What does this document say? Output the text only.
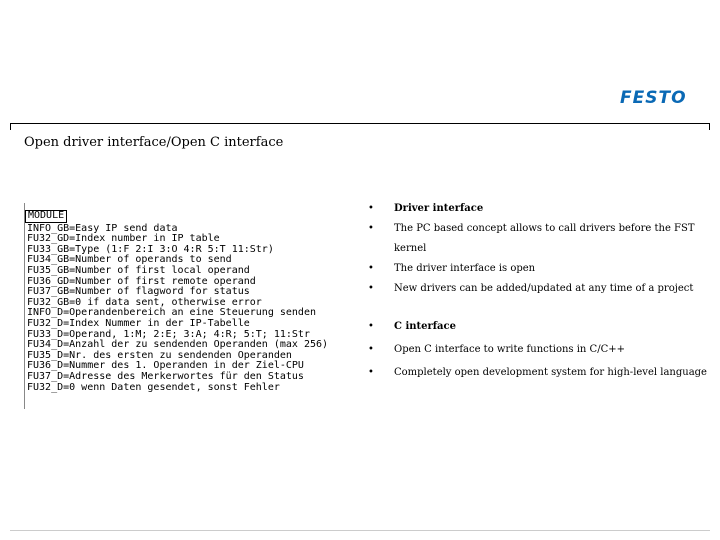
FESTO
Open driver interface/Open C interface
MODULE
INFO_GB=Easy IP send data
FU32_GD=Index number in IP table
FU33_GB=Type (1:F 2:I 3:O 4:R 5:T 11:Str)
FU34_GB=Number of operands to send
FU35_GB=Number of first local operand
FU36_GD=Number of first remote operand
FU37_GB=Number of flagword for status
FU32_GB=0 if data sent, otherwise error
INFO_D=Operandenbereich an eine Steuerung senden
FU32_D=Index Nummer in der IP-Tabelle
FU33_D=Operand, 1:M; 2:E; 3:A; 4:R; 5:T; 11:Str
FU34_D=Anzahl der zu sendenden Operanden (max 256)
FU35_D=Nr. des ersten zu sendenden Operanden
FU36_D=Nummer des 1. Operanden in der Ziel-CPU
FU37_D=Adresse des Merkerwortes für den Status
FU32_D=0 wenn Daten gesendet, sonst Fehler
• Driver interface
• The PC based concept allows to call drivers before the FST kernel
• The driver interface is open
• New drivers can be added/updated at any time of a project
• C interface
• Open C interface to write functions in C/C++
• Completely open development system for high-level language
